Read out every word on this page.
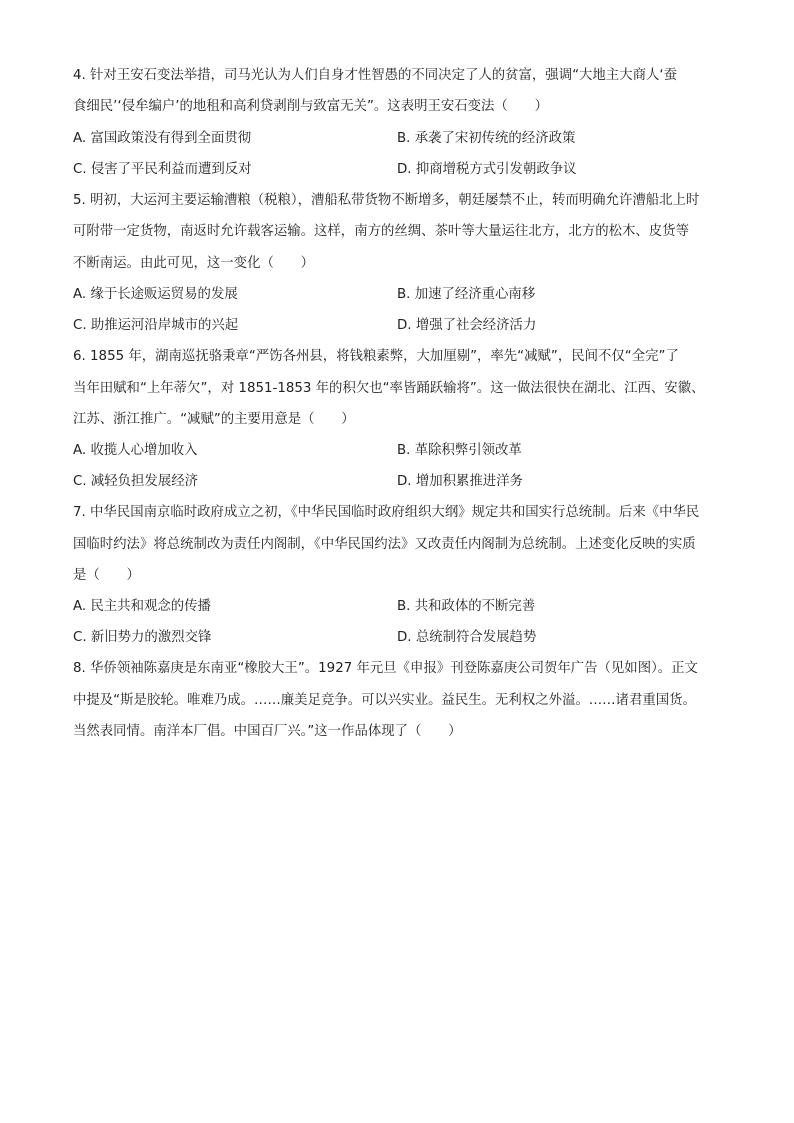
4. 针对王安石变法举措，司马光认为人们自身才性智愚的不同决定了人的贫富，强调“大地主大商人‘蚕
食细民’‘侵牟编户’的地租和高利贷剥削与致富无关”。这表明王安石变法（　　）
A. 富国政策没有得到全面贯彻	B. 承袭了宋初传统的经济政策
C. 侵害了平民利益而遭到反对	D. 抑商增税方式引发朝政争议
5. 明初，大运河主要运输漕粮（税粮），漕船私带货物不断增多，朝廷屡禁不止，转而明确允许漕船北上时
可附带一定货物，南返时允许载客运输。这样，南方的丝绸、茶叶等大量运往北方，北方的松木、皮货等
不断南运。由此可见，这一变化（　　）
A. 缘于长途贩运贸易的发展	B. 加速了经济重心南移
C. 助推运河沿岸城市的兴起	D. 增强了社会经济活力
6. 1855 年，湖南巡抚骆秉章“严饬各州县，将钱粮素弊，大加厘剔”，率先“减赋”，民间不仅“全完”了
当年田赋和“上年蒂欠”，对 1851-1853 年的积欠也“率皆踊跃输将”。这一做法很快在湖北、江西、安徽、
江苏、浙江推广。“减赋”的主要用意是（　　）
A. 收揽人心增加收入	B. 革除积弊引领改革
C. 减轻负担发展经济	D. 增加积累推进洋务
7. 中华民国南京临时政府成立之初，《中华民国临时政府组织大纲》规定共和国实行总统制。后来《中华民
国临时约法》将总统制改为责任内阁制，《中华民国约法》又改责任内阁制为总统制。上述变化反映的实质
是（　　）
A. 民主共和观念的传播	B. 共和政体的不断完善
C. 新旧势力的激烈交锋	D. 总统制符合发展趋势
8. 华侨领袖陈嘉庚是东南亚“橡胶大王”。1927 年元旦《申报》刊登陈嘉庚公司贺年广告（见如图）。正文
中提及“斯是胶轮。唯难乃成。……廉美足竞争。可以兴实业。益民生。无利权之外溢。……诸君重国货。
当然表同情。南洋本厂倡。中国百厂兴。”这一作品体现了（　　）
